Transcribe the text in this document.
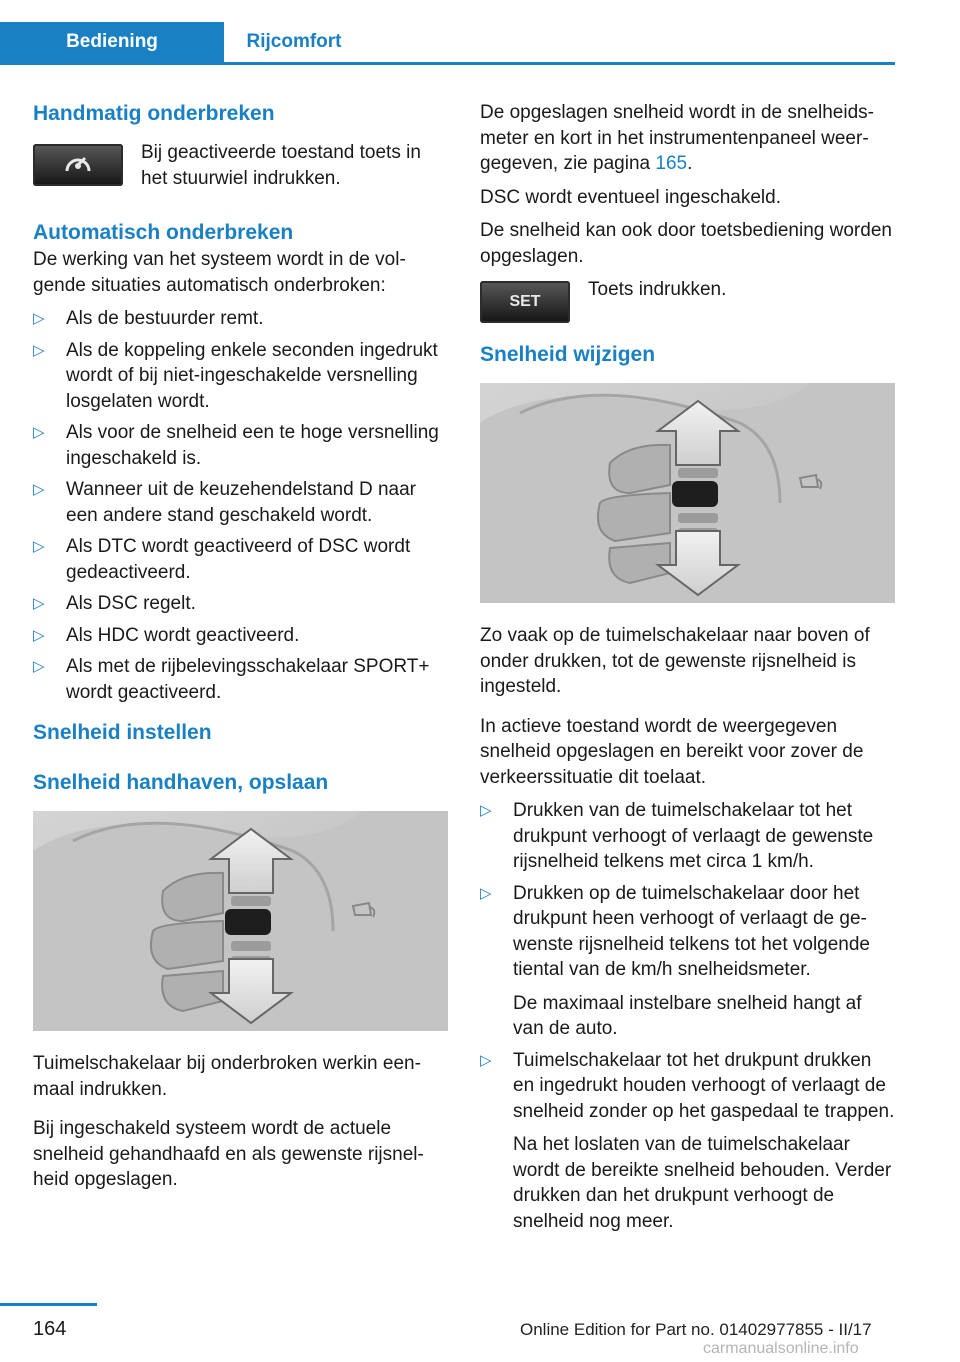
Bediening	Rijcomfort
Handmatig onderbreken
Bij geactiveerde toestand toets in het stuurwiel indrukken.
Automatisch onderbreken

De werking van het systeem wordt in de volgende situaties automatisch onderbroken:

▷ Als de bestuurder remt.
▷ Als de koppeling enkele seconden ingedrukt wordt of bij niet-ingeschakelde versnelling losgelaten wordt.
▷ Als voor de snelheid een te hoge versnelling ingeschakeld is.
▷ Wanneer uit de keuzehendelstand D naar een andere stand geschakeld wordt.
▷ Als DTC wordt geactiveerd of DSC wordt gedeactiveerd.
▷ Als DSC regelt.
▷ Als HDC wordt geactiveerd.
▷ Als met de rijbelevingsschakelaar SPORT+ wordt geactiveerd.
Snelheid instellen
Snelheid handhaven, opslaan

Tuimelschakelaar bij onderbroken werkin eenmaal indrukken.

Bij ingeschakeld systeem wordt de actuele snelheid gehandhaafd en als gewenste rijsnelheid opgeslagen.

De opgeslagen snelheid wordt in de snelheidsmeter en kort in het instrumentenpaneel weergegeven, zie pagina 165.

DSC wordt eventueel ingeschakeld.

De snelheid kan ook door toetsbediening worden opgeslagen.

SET
Toets indrukken.
Snelheid wijzigen

Zo vaak op de tuimelschakelaar naar boven of onder drukken, tot de gewenste rijsnelheid is ingesteld.

In actieve toestand wordt de weergegeven snelheid opgeslagen en bereikt voor zover de verkeerssituatie dit toelaat.

▷ Drukken van de tuimelschakelaar tot het drukpunt verhoogt of verlaagt de gewenste rijsnelheid telkens met circa 1 km/h.
▷ Drukken op de tuimelschakelaar door het drukpunt heen verhoogt of verlaagt de gewenste rijsnelheid telkens tot het volgende tiental van de km/h snelheidsmeter.
De maximaal instelbare snelheid hangt af van de auto.
▷ Tuimelschakelaar tot het drukpunt drukken en ingedrukt houden verhoogt of verlaagt de snelheid zonder op het gaspedaal te trappen.
Na het loslaten van de tuimelschakelaar wordt de bereikte snelheid behouden. Verder drukken dan het drukpunt verhoogt de snelheid nog meer.
164	Online Edition for Part no. 01402977855 - II/17
carmanualsonline.info
